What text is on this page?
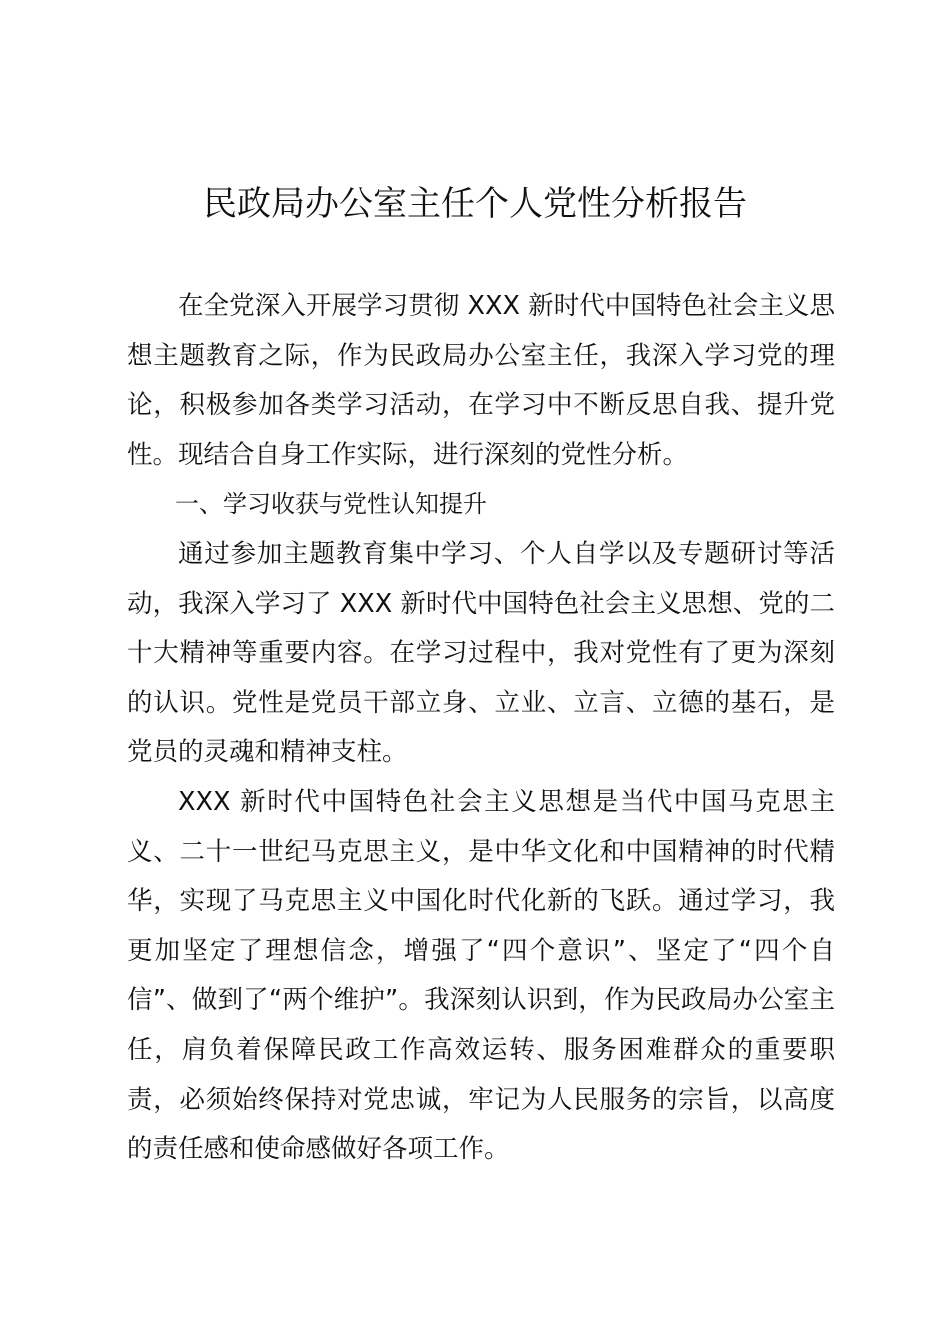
民政局办公室主任个人党性分析报告

在全党深入开展学习贯彻 XXX 新时代中国特色社会主义思想主题教育之际，作为民政局办公室主任，我深入学习党的理论，积极参加各类学习活动，在学习中不断反思自我、提升党性。现结合自身工作实际，进行深刻的党性分析。

一、学习收获与党性认知提升

通过参加主题教育集中学习、个人自学以及专题研讨等活动，我深入学习了 XXX 新时代中国特色社会主义思想、党的二十大精神等重要内容。在学习过程中，我对党性有了更为深刻的认识。党性是党员干部立身、立业、立言、立德的基石，是党员的灵魂和精神支柱。

XXX 新时代中国特色社会主义思想是当代中国马克思主义、二十一世纪马克思主义，是中华文化和中国精神的时代精华，实现了马克思主义中国化时代化新的飞跃。通过学习，我更加坚定了理想信念，增强了“四个意识”、坚定了“四个自信”、做到了“两个维护”。我深刻认识到，作为民政局办公室主任，肩负着保障民政工作高效运转、服务困难群众的重要职责，必须始终保持对党忠诚，牢记为人民服务的宗旨，以高度的责任感和使命感做好各项工作。
